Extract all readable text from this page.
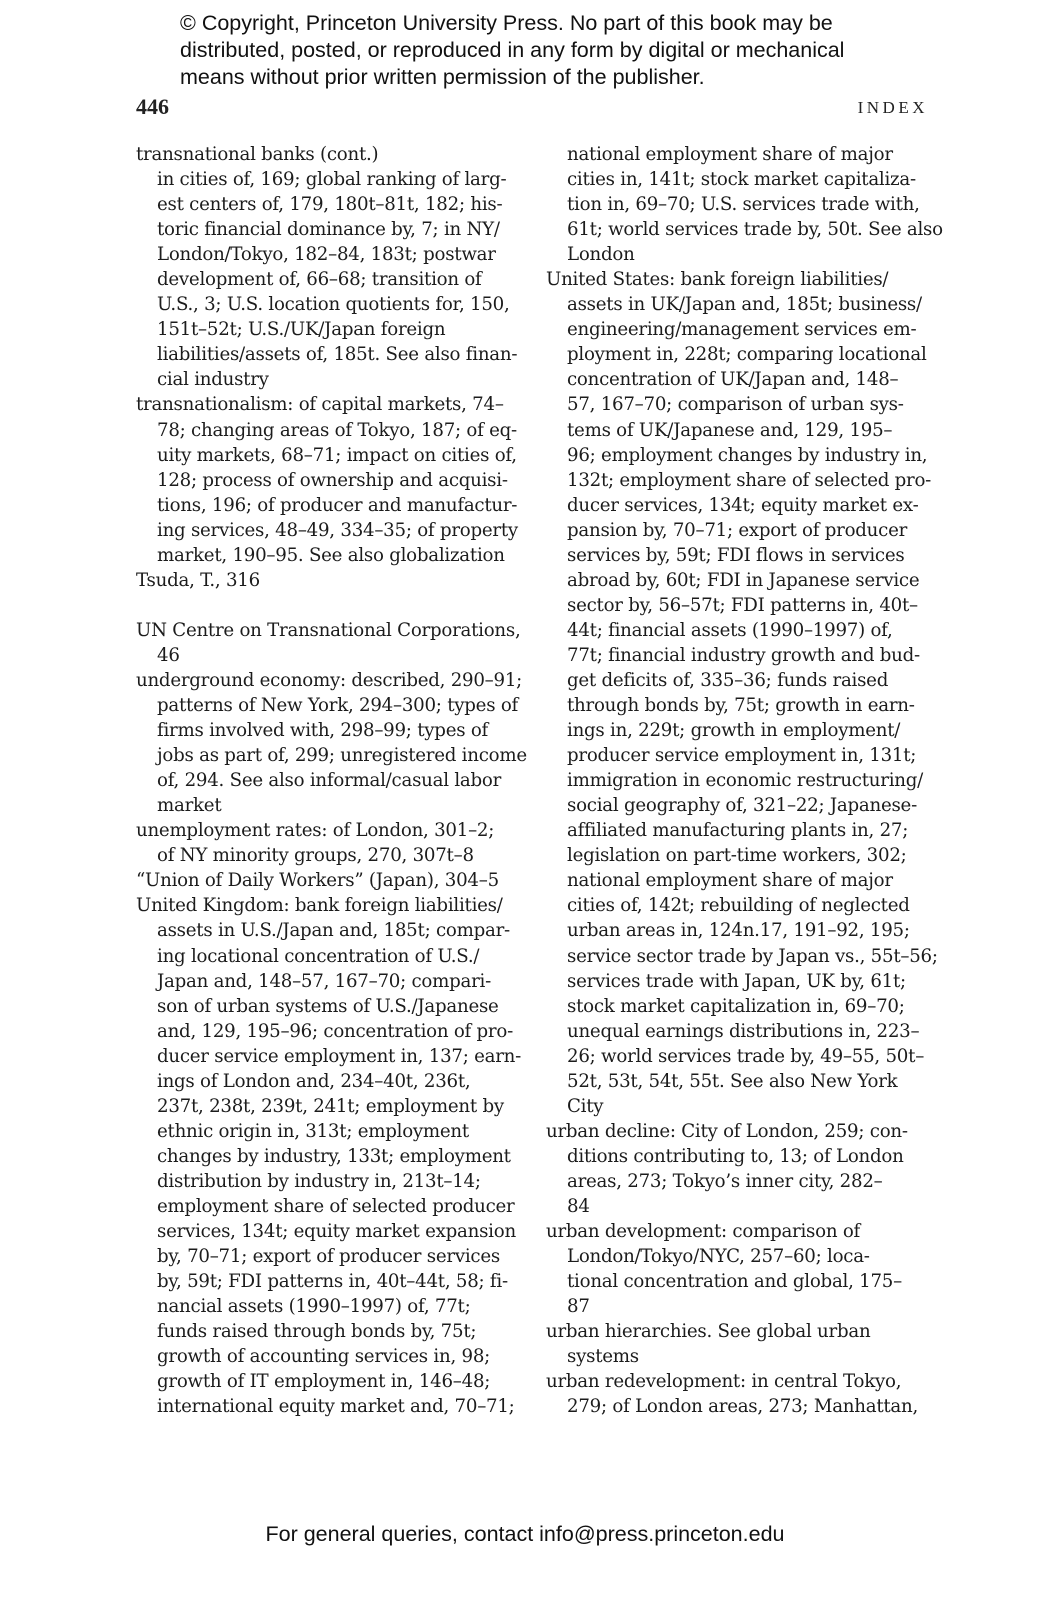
© Copyright, Princeton University Press. No part of this book may be
distributed, posted, or reproduced in any form by digital or mechanical
means without prior written permission of the publisher.
446	INDEX
transnational banks (cont.)
in cities of, 169; global ranking of larg-
est centers of, 179, 180t–81t, 182; his-
toric financial dominance by, 7; in NY/
London/Tokyo, 182–84, 183t; postwar
development of, 66–68; transition of
U.S., 3; U.S. location quotients for, 150,
151t–52t; U.S./UK/Japan foreign
liabilities/assets of, 185t. See also finan-
cial industry
transnationalism: of capital markets, 74–
78; changing areas of Tokyo, 187; of eq-
uity markets, 68–71; impact on cities of,
128; process of ownership and acquisi-
tions, 196; of producer and manufactur-
ing services, 48–49, 334–35; of property
market, 190–95. See also globalization
Tsuda, T., 316
UN Centre on Transnational Corporations,
46
underground economy: described, 290–91;
patterns of New York, 294–300; types of
firms involved with, 298–99; types of
jobs as part of, 299; unregistered income
of, 294. See also informal/casual labor
market
unemployment rates: of London, 301–2;
of NY minority groups, 270, 307t–8
“Union of Daily Workers” (Japan), 304–5
United Kingdom: bank foreign liabilities/
assets in U.S./Japan and, 185t; compar-
ing locational concentration of U.S./
Japan and, 148–57, 167–70; compari-
son of urban systems of U.S./Japanese
and, 129, 195–96; concentration of pro-
ducer service employment in, 137; earn-
ings of London and, 234–40t, 236t,
237t, 238t, 239t, 241t; employment by
ethnic origin in, 313t; employment
changes by industry, 133t; employment
distribution by industry in, 213t–14;
employment share of selected producer
services, 134t; equity market expansion
by, 70–71; export of producer services
by, 59t; FDI patterns in, 40t–44t, 58; fi-
nancial assets (1990–1997) of, 77t;
funds raised through bonds by, 75t;
growth of accounting services in, 98;
growth of IT employment in, 146–48;
international equity market and, 70–71;
national employment share of major
cities in, 141t; stock market capitaliza-
tion in, 69–70; U.S. services trade with,
61t; world services trade by, 50t. See also
London
United States: bank foreign liabilities/
assets in UK/Japan and, 185t; business/
engineering/management services em-
ployment in, 228t; comparing locational
concentration of UK/Japan and, 148–
57, 167–70; comparison of urban sys-
tems of UK/Japanese and, 129, 195–
96; employment changes by industry in,
132t; employment share of selected pro-
ducer services, 134t; equity market ex-
pansion by, 70–71; export of producer
services by, 59t; FDI flows in services
abroad by, 60t; FDI in Japanese service
sector by, 56–57t; FDI patterns in, 40t–
44t; financial assets (1990–1997) of,
77t; financial industry growth and bud-
get deficits of, 335–36; funds raised
through bonds by, 75t; growth in earn-
ings in, 229t; growth in employment/
producer service employment in, 131t;
immigration in economic restructuring/
social geography of, 321–22; Japanese-
affiliated manufacturing plants in, 27;
legislation on part-time workers, 302;
national employment share of major
cities of, 142t; rebuilding of neglected
urban areas in, 124n.17, 191–92, 195;
service sector trade by Japan vs., 55t–56;
services trade with Japan, UK by, 61t;
stock market capitalization in, 69–70;
unequal earnings distributions in, 223–
26; world services trade by, 49–55, 50t–
52t, 53t, 54t, 55t. See also New York
City
urban decline: City of London, 259; con-
ditions contributing to, 13; of London
areas, 273; Tokyo’s inner city, 282–
84
urban development: comparison of
London/Tokyo/NYC, 257–60; loca-
tional concentration and global, 175–
87
urban hierarchies. See global urban
systems
urban redevelopment: in central Tokyo,
279; of London areas, 273; Manhattan,
For general queries, contact info@press.princeton.edu
